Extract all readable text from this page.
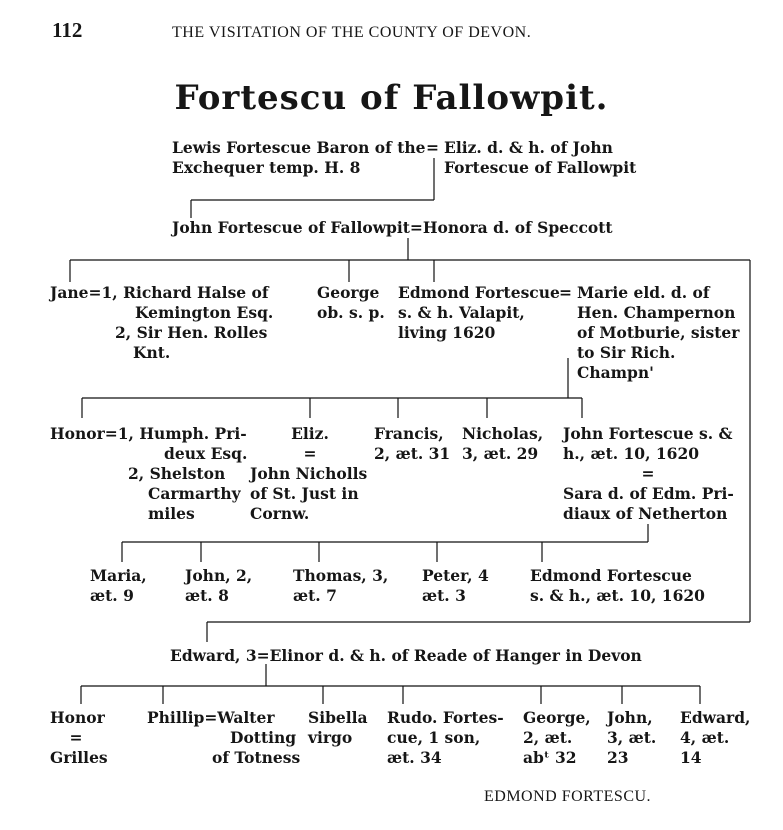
112	THE VISITATION OF THE COUNTY OF DEVON.
Fortescu of Fallowpit.
Lewis Fortescue Baron of the
Exchequer temp. H. 8
= Eliz. d. & h. of John
Fortescue of Fallowpit
John Fortescue of Fallowpit=Honora d. of Speccott
Jane=1, Richard Halse of
Kemington Esq.
2, Sir Hen. Rolles
Knt.
George
ob. s. p.
Edmond Fortescue
s. & h. Valapit,
living 1620
= Marie eld. d. of
Hen. Champernon
of Motburie, sister
to Sir Rich.
Champn'
Honor=1, Humph. Pri-
deux Esq.
2, Shelston
Carmarthy
miles
Eliz.
=
John Nicholls
of St. Just in
Cornw.
Francis,
2, æt. 31
Nicholas,
3, æt. 29
John Fortescue s. &
h., æt. 10, 1620
=
Sara d. of Edm. Pri-
diaux of Netherton
Maria,
æt. 9
John, 2,
æt. 8
Thomas, 3,
æt. 7
Peter, 4
æt. 3
Edmond Fortescue
s. & h., æt. 10, 1620
Edward, 3=Elinor d. & h. of Reade of Hanger in Devon
Honor
=
Grilles
Phillip=Walter
Dotting
of Totness
Sibella
virgo
Rudo. Fortes-
cue, 1 son,
æt. 34
George,
2, æt.
abᵗ 32
John,
3, æt.
23
Edward,
4, æt.
14
EDMOND FORTESCU.
